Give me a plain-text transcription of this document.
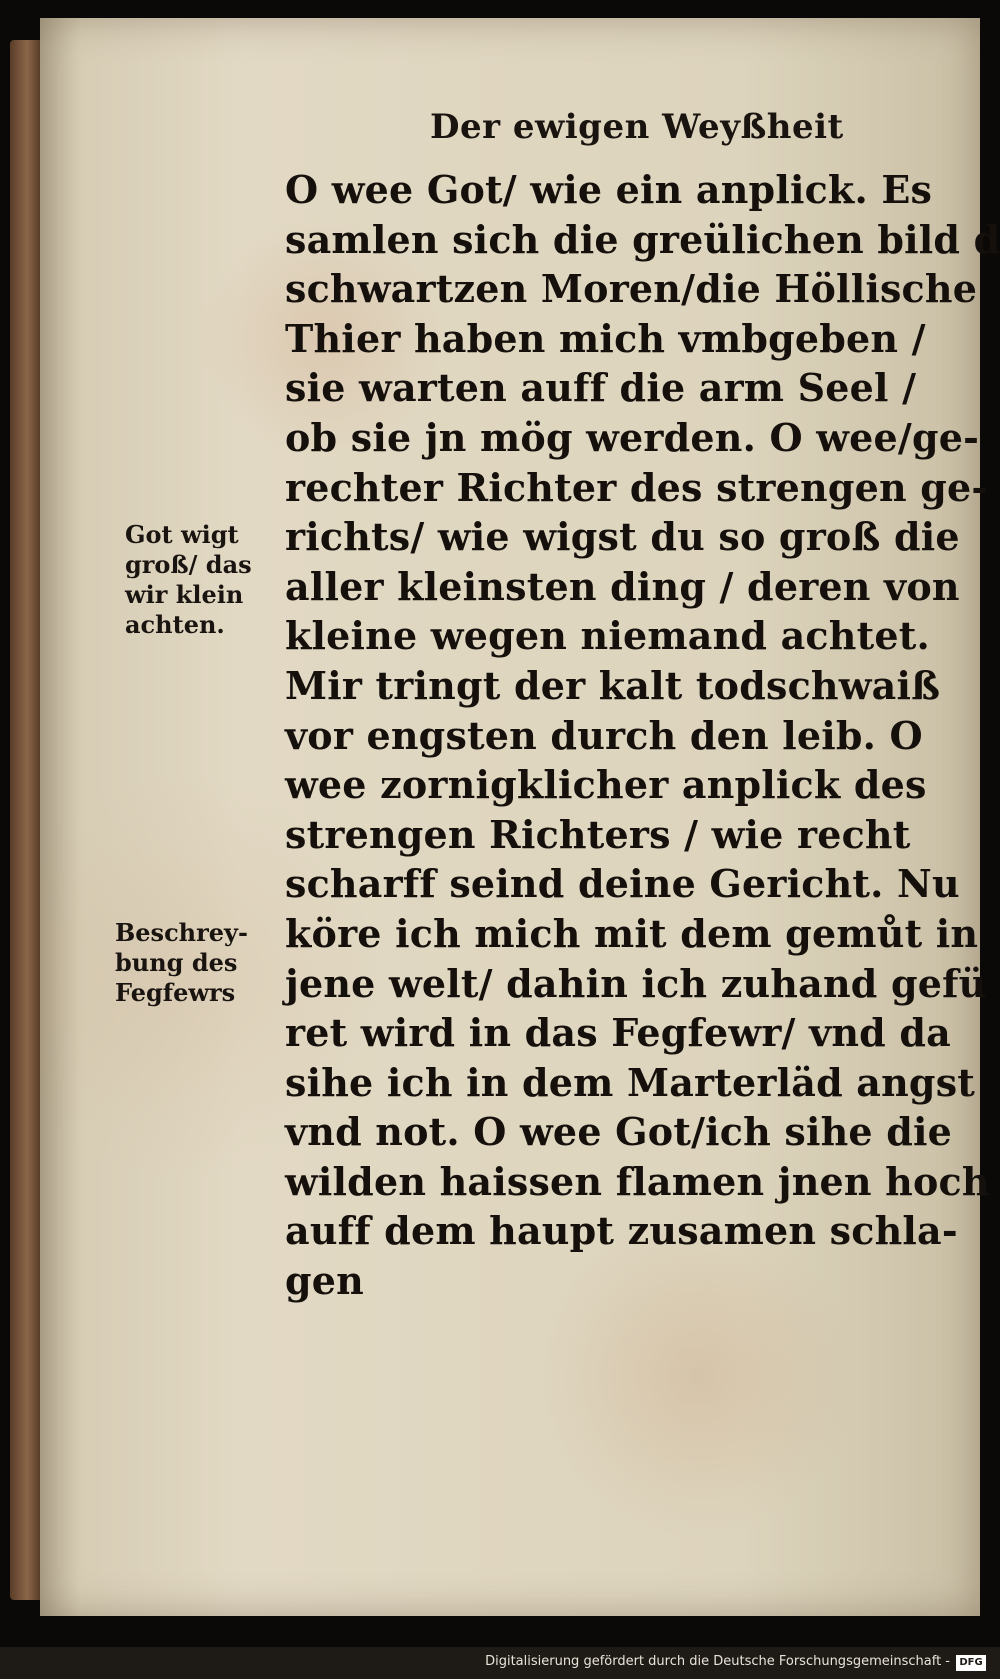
Der ewigen Weyßheit
O wee Got/ wie ein anplick. Es
samlen sich die greülichen bild d
schwartzen Moren/die Höllische
Thier haben mich vmbgeben /
sie warten auff die arm Seel /
ob sie jn mög werden. O wee/ge-
rechter Richter des strengen ge-
richts/ wie wigst du so groß die
aller kleinsten ding / deren von
kleine wegen niemand achtet.
Mir tringt der kalt todschwaiß
vor engsten durch den leib. O
wee zornigklicher anplick des
strengen Richters / wie recht
scharff seind deine Gericht. Nu
köre ich mich mit dem gemůt in
jene welt/ dahin ich zuhand gefü
ret wird in das Fegfewr/ vnd da
sihe ich in dem Marterläd angst
vnd not. O wee Got/ich sihe die
wilden haissen flamen jnen hoch
auff dem haupt zusamen schla-
gen
Got wigt
groß/ das
wir klein
achten.
Beschrey-
bung des
Fegfewrs
Digitalisierung gefördert durch die Deutsche Forschungsgemeinschaft - DFG
